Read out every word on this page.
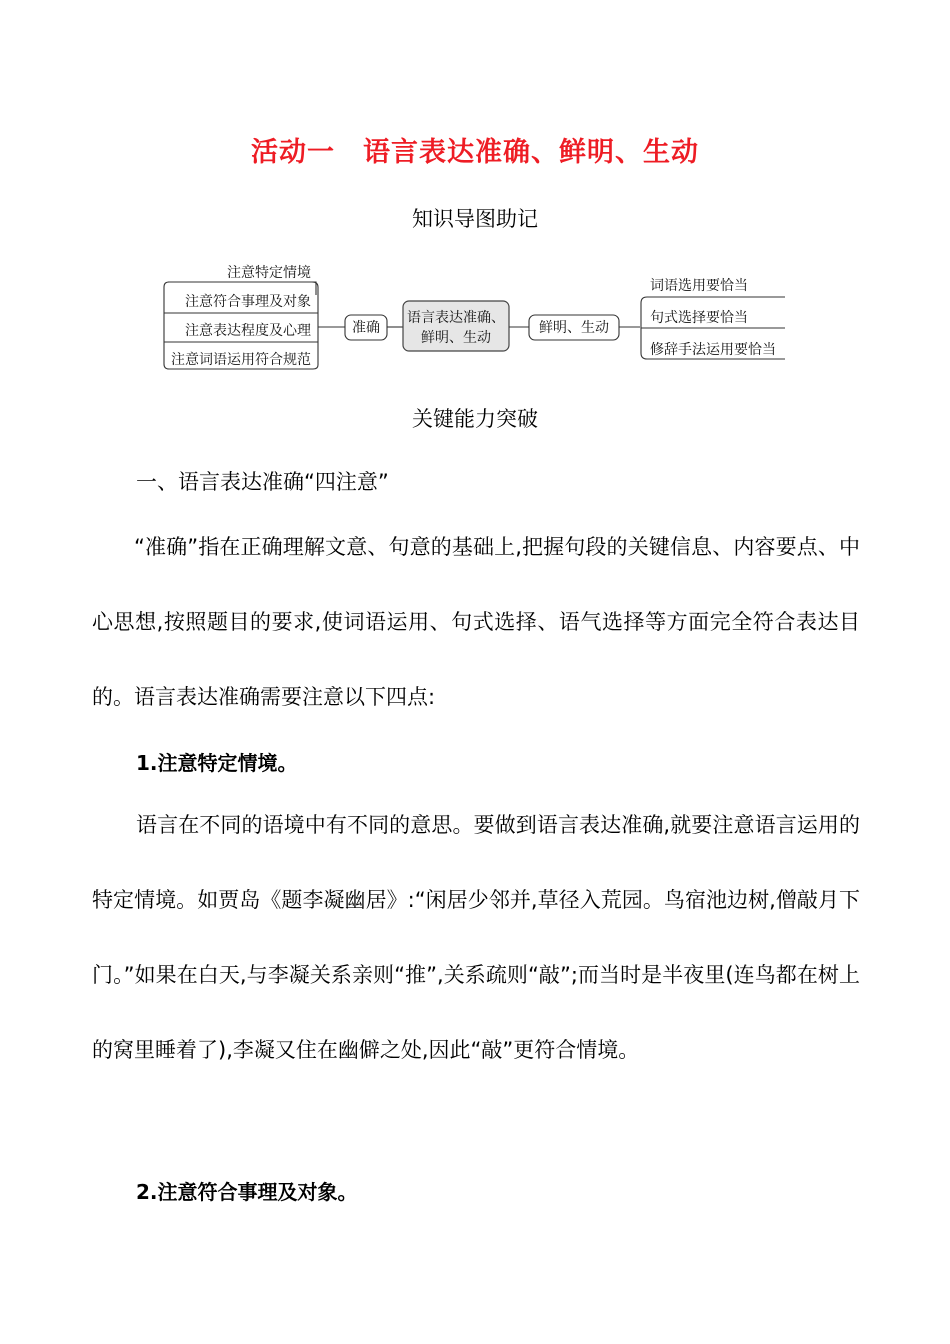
活动一　语言表达准确、鲜明、生动
知识导图助记
注意特定情境
注意符合事理及对象
注意表达程度及心理
注意词语运用符合规范
准确
语言表达准确、
鲜明、生动
鲜明、生动
词语选用要恰当
句式选择要恰当
修辞手法运用要恰当
关键能力突破
一、语言表达准确“四注意”
“准确”指在正确理解文意、句意的基础上,把握句段的关键信息、内容要点、中心思想,按照题目的要求,使词语运用、句式选择、语气选择等方面完全符合表达目的。语言表达准确需要注意以下四点:
1.注意特定情境。
语言在不同的语境中有不同的意思。要做到语言表达准确,就要注意语言运用的特定情境。如贾岛《题李凝幽居》:“闲居少邻并,草径入荒园。鸟宿池边树,僧敲月下门。”如果在白天,与李凝关系亲则“推”,关系疏则“敲”;而当时是半夜里(连鸟都在树上的窝里睡着了),李凝又住在幽僻之处,因此“敲”更符合情境。
2.注意符合事理及对象。
